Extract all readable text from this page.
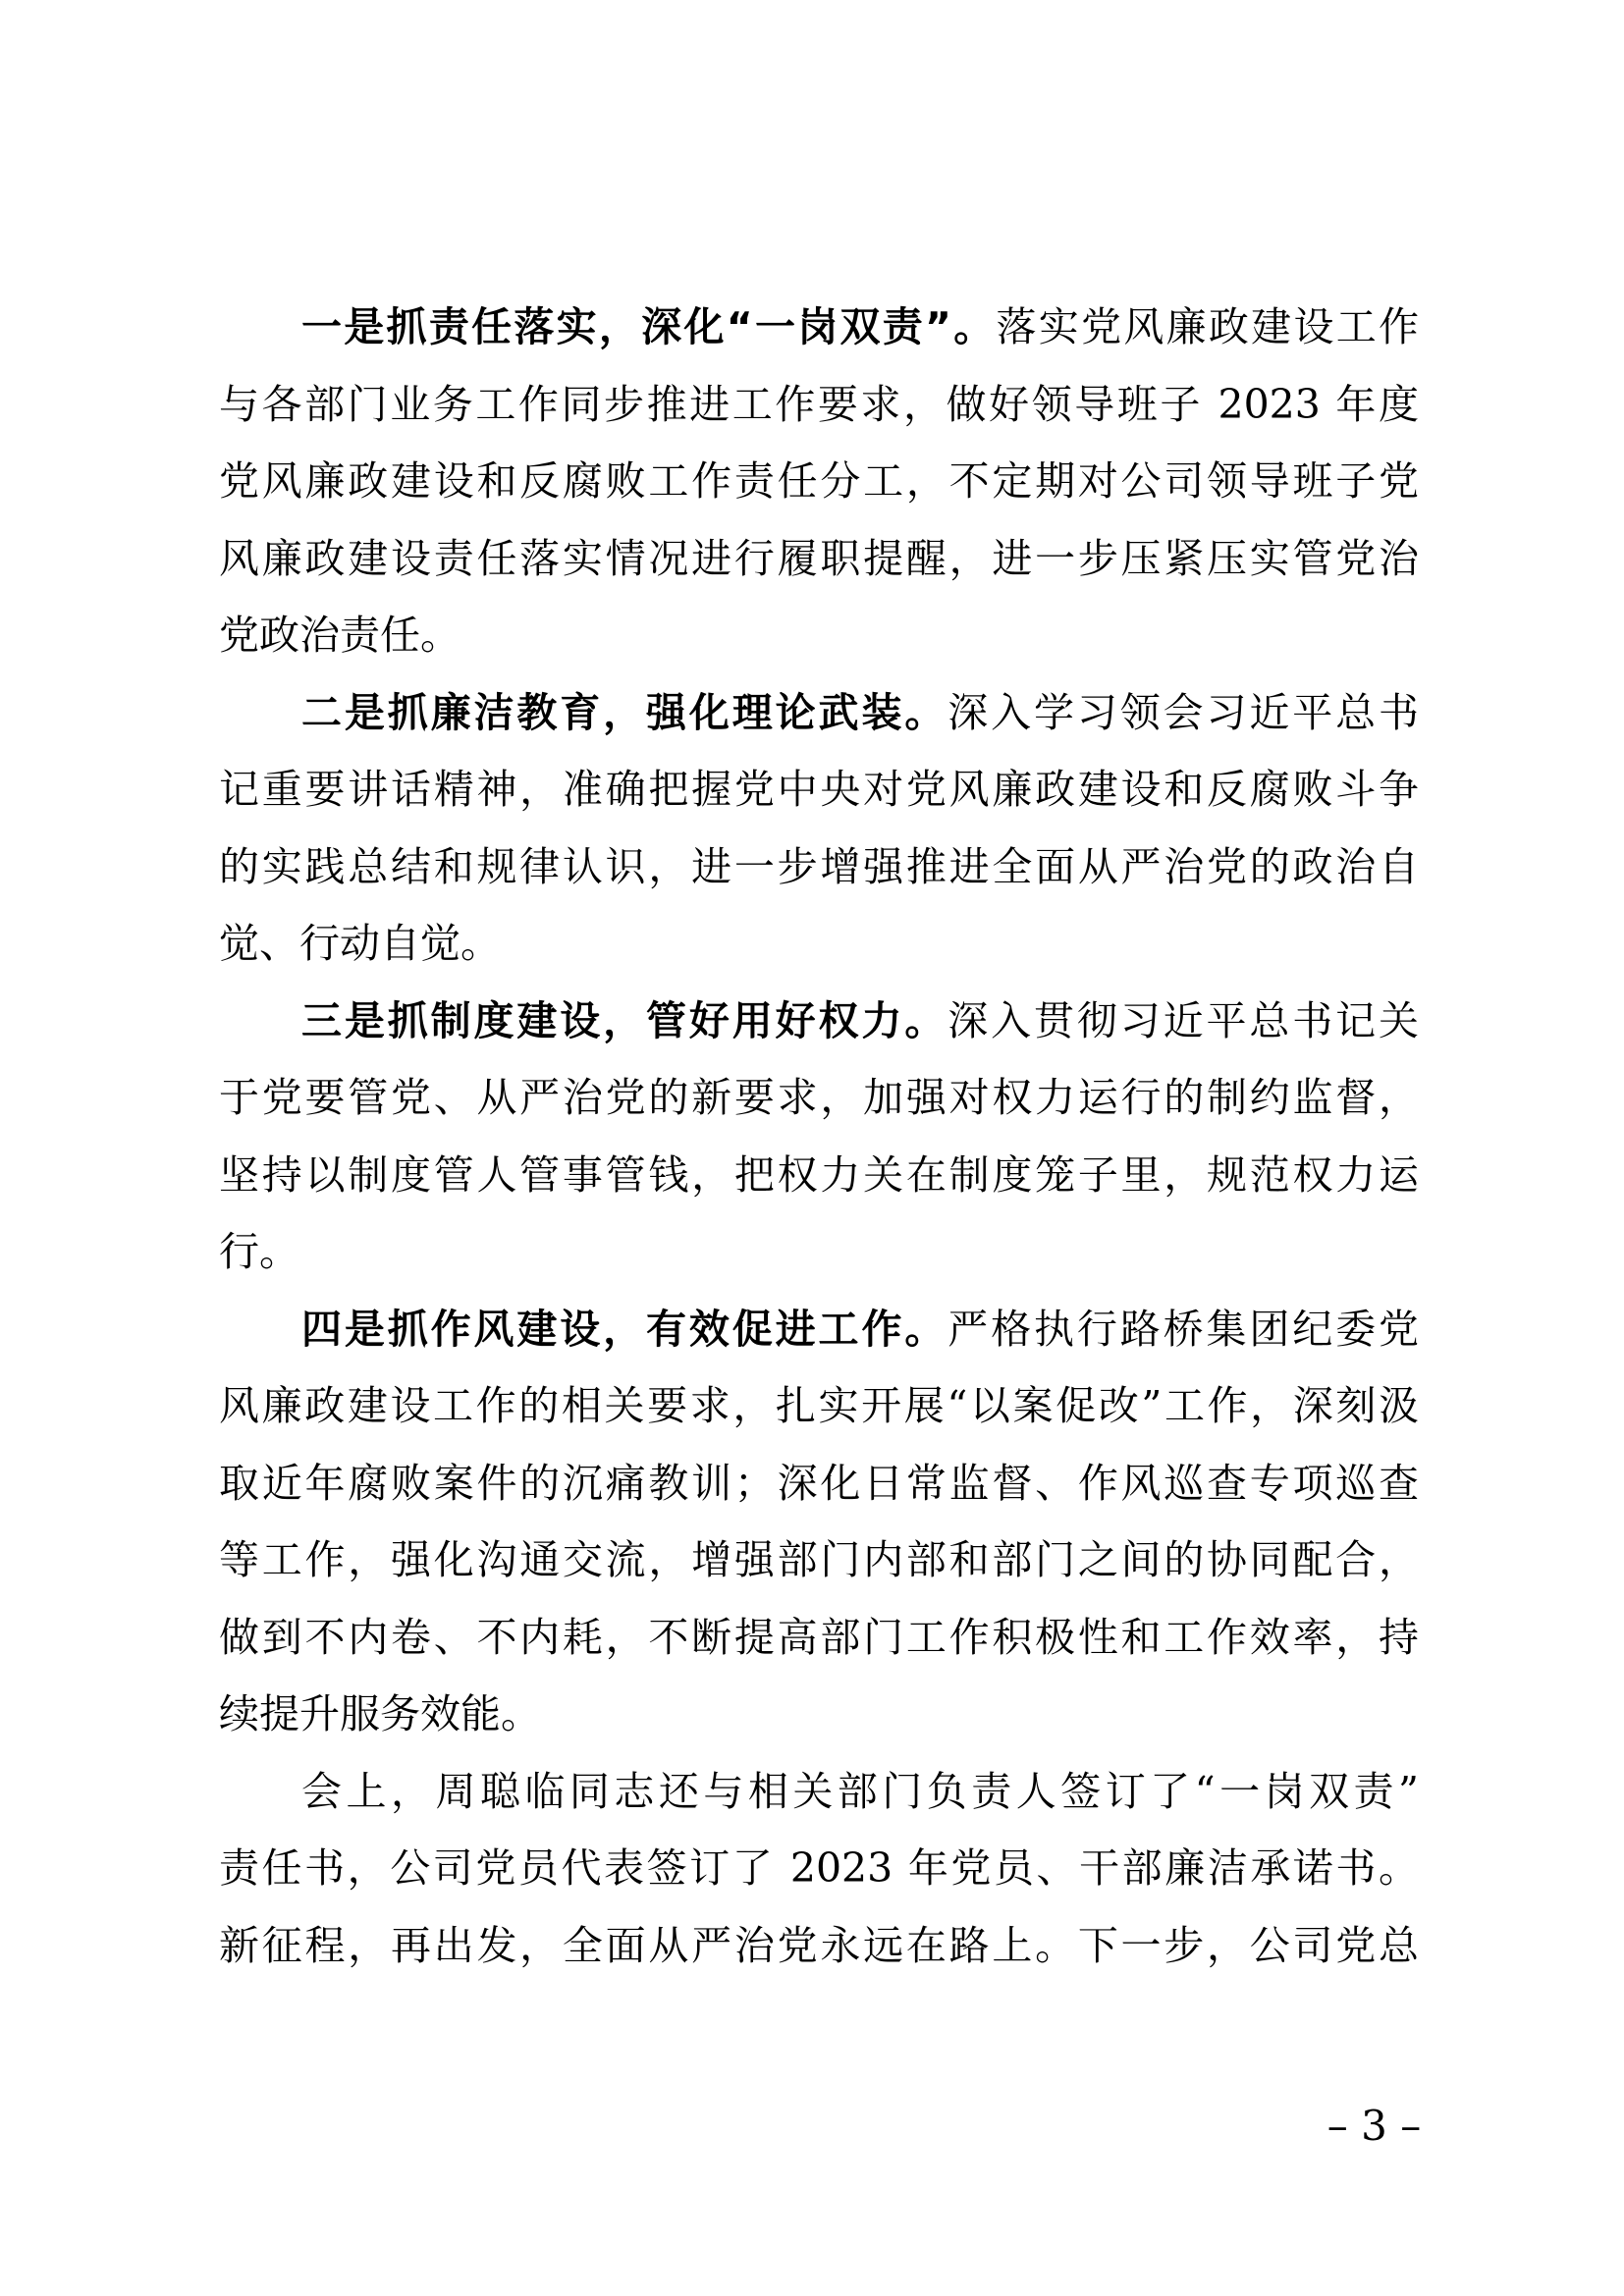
一是抓责任落实，深化“一岗双责”。落实党风廉政建设工作
与各部门业务工作同步推进工作要求，做好领导班子 2023 年度
党风廉政建设和反腐败工作责任分工，不定期对公司领导班子党
风廉政建设责任落实情况进行履职提醒，进一步压紧压实管党治
党政治责任。
二是抓廉洁教育，强化理论武装。深入学习领会习近平总书
记重要讲话精神，准确把握党中央对党风廉政建设和反腐败斗争
的实践总结和规律认识，进一步增强推进全面从严治党的政治自
觉、行动自觉。
三是抓制度建设，管好用好权力。深入贯彻习近平总书记关
于党要管党、从严治党的新要求，加强对权力运行的制约监督，
坚持以制度管人管事管钱，把权力关在制度笼子里，规范权力运
行。
四是抓作风建设，有效促进工作。严格执行路桥集团纪委党
风廉政建设工作的相关要求，扎实开展“以案促改”工作，深刻汲
取近年腐败案件的沉痛教训；深化日常监督、作风巡查专项巡查
等工作，强化沟通交流，增强部门内部和部门之间的协同配合，
做到不内卷、不内耗，不断提高部门工作积极性和工作效率，持
续提升服务效能。
会上，周聪临同志还与相关部门负责人签订了“一岗双责”
责任书，公司党员代表签订了 2023 年党员、干部廉洁承诺书。
新征程，再出发，全面从严治党永远在路上。下一步，公司党总
– 3 –
